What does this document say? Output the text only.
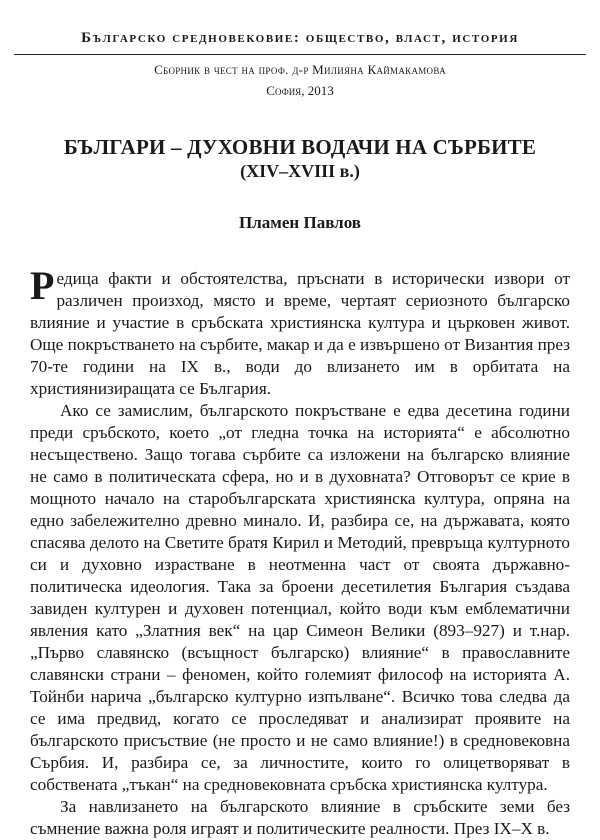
Българско средновековие: общество, власт, история
Сборник в чест на проф. д-р Милияна Каймакамова
София, 2013
БЪЛГАРИ – ДУХОВНИ ВОДАЧИ НА СЪРБИТЕ
(XIV–XVIII в.)
Пламен Павлов

Редица факти и обстоятелства, пръснати в исторически извори от различен произход, място и време, чертаят сериозното българско влияние и участие в сръбската християнска култура и църковен живот. Още покръстването на сърбите, макар и да е извършено от Византия през 70-те години на IX в., води до влизането им в орбитата на християнизиращата се България.

Ако се замислим, българското покръстване е едва десетина години преди сръбското, което „от гледна точка на историята“ е абсолютно несъществено. Защо тогава сърбите са изложени на българско влияние не само в политическата сфера, но и в духовната? Отговорът се крие в мощното начало на старобългарската християнска култура, опряна на едно забележително древно минало. И, разбира се, на държавата, която спасява делото на Светите братя Кирил и Методий, превръща културното си и духовно израстване в неотменна част от своята държавно-политическа идеология. Така за броени десетилетия България създава завиден културен и духовен потенциал, който води към емблематични явления като „Златния век“ на цар Симеон Велики (893–927) и т.нар. „Първо славянско (всъщност българско) влияние“ в православните славянски страни – феномен, който големият философ на историята А. Тойнби нарича „българско културно изпълване“. Всичко това следва да се има предвид, когато се проследяват и анализират проявите на българското присъствие (не просто и не само влияние!) в средновековна Сърбия. И, разбира се, за личностите, които го олицетворяват в собствената „тъкан“ на средновековната сръбска християнска култура.

За навлизането на българското влияние в сръбските земи без съмнение важна роля играят и политическите реалности. През IX–X в.
